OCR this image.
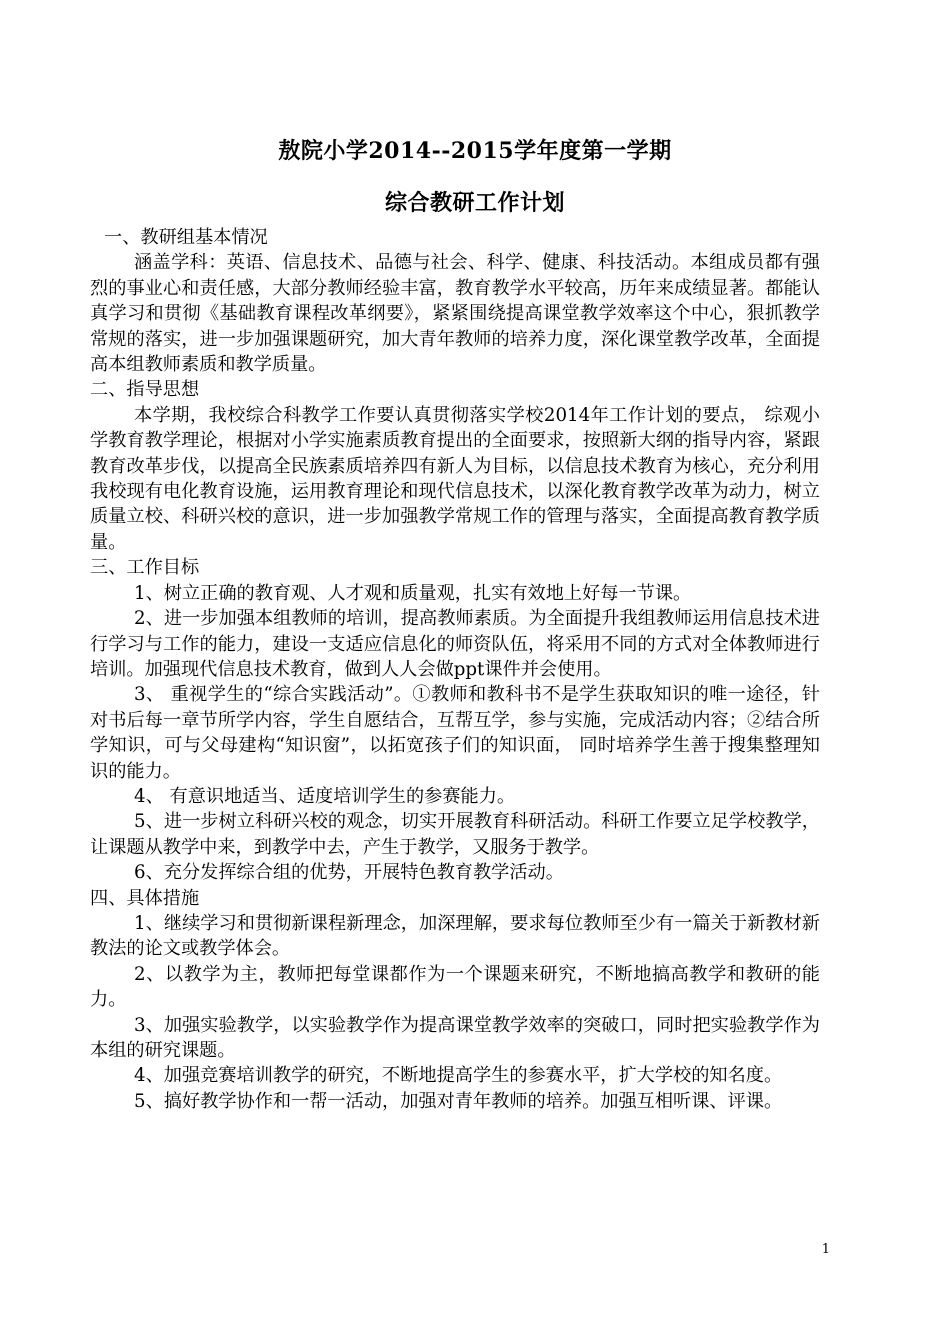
敖院小学2014--2015学年度第一学期
综合教研工作计划
一、教研组基本情况

涵盖学科：英语、信息技术、品德与社会、科学、健康、科技活动。本组成员都有强烈的事业心和责任感，大部分教师经验丰富，教育教学水平较高，历年来成绩显著。都能认真学习和贯彻《基础教育课程改革纲要》，紧紧围绕提高课堂教学效率这个中心，狠抓教学常规的落实，进一步加强课题研究，加大青年教师的培养力度，深化课堂教学改革，全面提高本组教师素质和教学质量。

二、指导思想

本学期，我校综合科教学工作要认真贯彻落实学校2014年工作计划的要点， 综观小学教育教学理论，根据对小学实施素质教育提出的全面要求，按照新大纲的指导内容，紧跟教育改革步伐，以提高全民族素质培养四有新人为目标，以信息技术教育为核心，充分利用我校现有电化教育设施，运用教育理论和现代信息技术，以深化教育教学改革为动力，树立质量立校、科研兴校的意识，进一步加强教学常规工作的管理与落实，全面提高教育教学质量。

三、工作目标

1、树立正确的教育观、人才观和质量观，扎实有效地上好每一节课。

2、进一步加强本组教师的培训，提高教师素质。为全面提升我组教师运用信息技术进行学习与工作的能力，建设一支适应信息化的师资队伍，将采用不同的方式对全体教师进行培训。加强现代信息技术教育，做到人人会做ppt课件并会使用。

3、 重视学生的“综合实践活动”。①教师和教科书不是学生获取知识的唯一途径，针对书后每一章节所学内容，学生自愿结合，互帮互学，参与实施，完成活动内容；②结合所学知识，可与父母建构“知识窗”，以拓宽孩子们的知识面， 同时培养学生善于搜集整理知识的能力。

4、 有意识地适当、适度培训学生的参赛能力。

5、进一步树立科研兴校的观念，切实开展教育科研活动。科研工作要立足学校教学，让课题从教学中来，到教学中去，产生于教学，又服务于教学。

6、充分发挥综合组的优势，开展特色教育教学活动。

四、具体措施

1、继续学习和贯彻新课程新理念，加深理解，要求每位教师至少有一篇关于新教材新教法的论文或教学体会。

2、以教学为主，教师把每堂课都作为一个课题来研究，不断地搞高教学和教研的能力。

3、加强实验教学，以实验教学作为提高课堂教学效率的突破口，同时把实验教学作为本组的研究课题。

4、加强竞赛培训教学的研究，不断地提高学生的参赛水平，扩大学校的知名度。

5、搞好教学协作和一帮一活动，加强对青年教师的培养。加强互相听课、评课。

1
